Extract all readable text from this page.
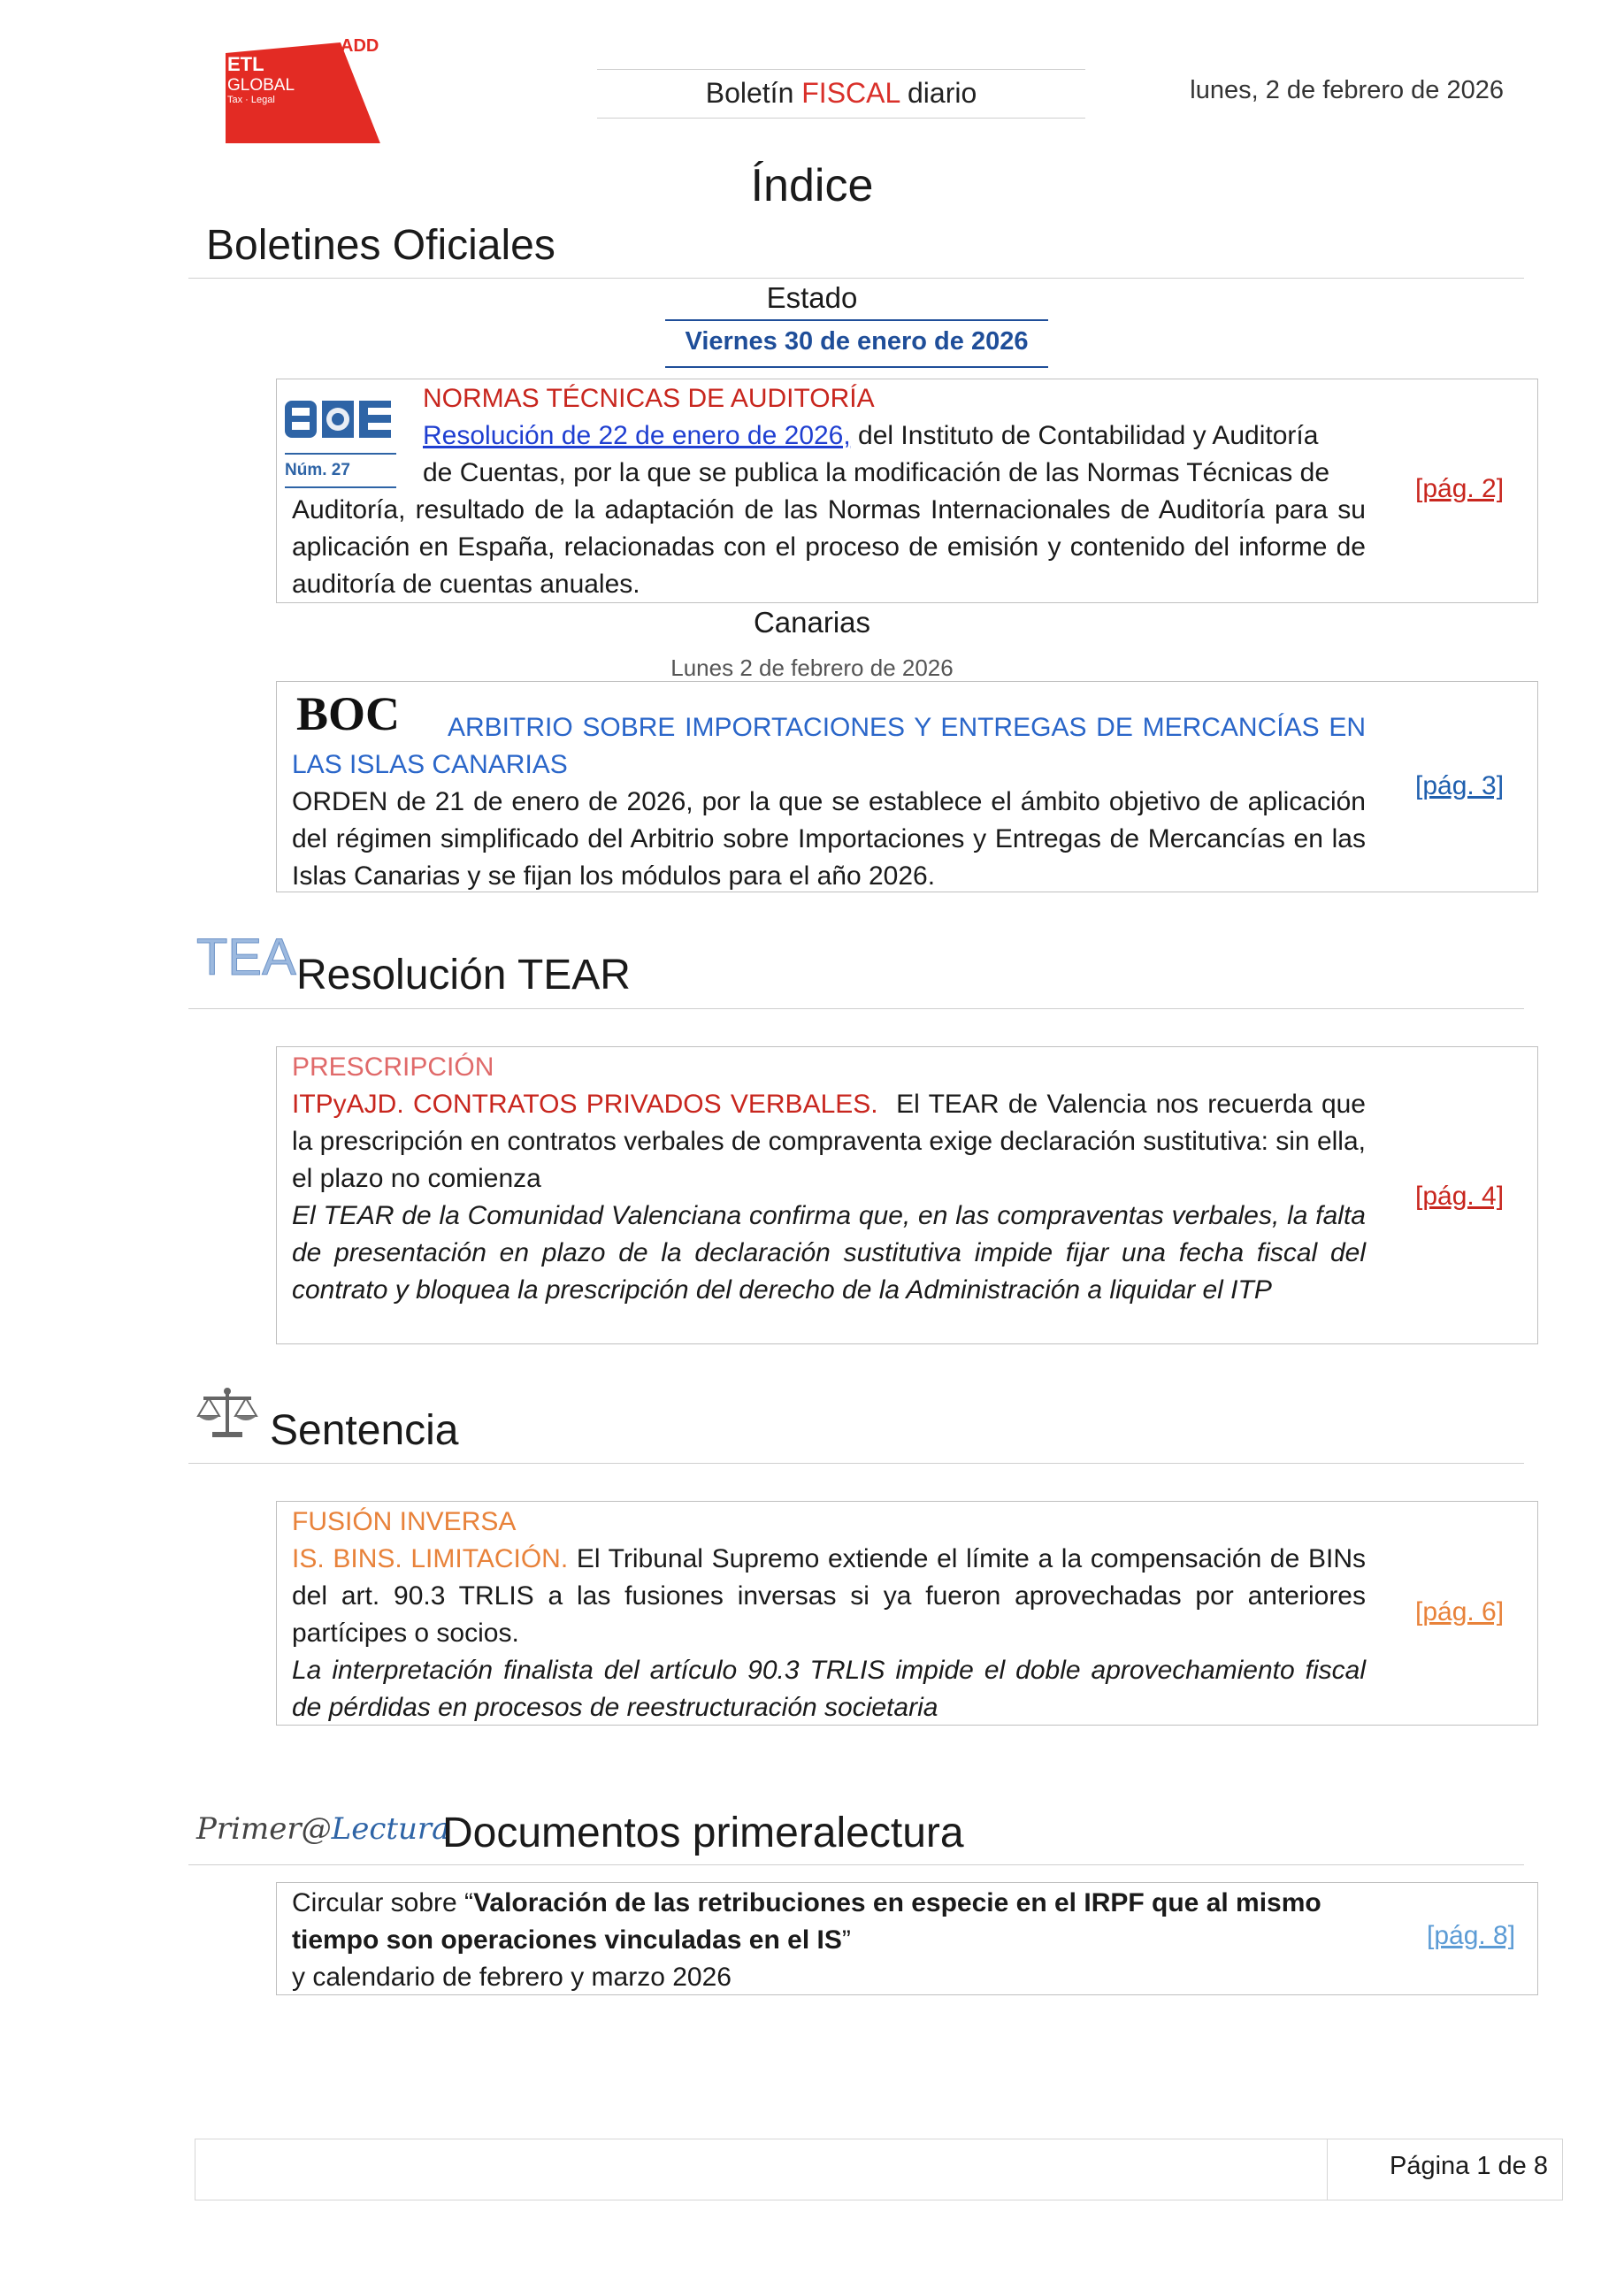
ADD
ETL
GLOBAL
Tax · Legal	Boletín FISCAL diario	lunes, 2 de febrero de 2026
Índice
Boletines Oficiales
Estado
Viernes 30 de enero de 2026
Núm. 27
NORMAS TÉCNICAS DE AUDITORÍA
Resolución de 22 de enero de 2026, del Instituto de Contabilidad y Auditoría
de Cuentas, por la que se publica la modificación de las Normas Técnicas de
Auditoría, resultado de la adaptación de las Normas Internacionales de Auditoría para su aplicación en España, relacionadas con el proceso de emisión y contenido del informe de auditoría de cuentas anuales.
[pág. 2]
Canarias
Lunes 2 de febrero de 2026
BOC	ARBITRIO SOBRE IMPORTACIONES Y ENTREGAS DE MERCANCÍAS EN LAS ISLAS CANARIAS
ORDEN de 21 de enero de 2026, por la que se establece el ámbito objetivo de aplicación del régimen simplificado del Arbitrio sobre Importaciones y Entregas de Mercancías en las Islas Canarias y se fijan los módulos para el año 2026.
[pág. 3]
TEA Resolución TEAR
PRESCRIPCIÓN
ITPyAJD. CONTRATOS PRIVADOS VERBALES. El TEAR de Valencia nos recuerda que la prescripción en contratos verbales de compraventa exige declaración sustitutiva: sin ella, el plazo no comienza
El TEAR de la Comunidad Valenciana confirma que, en las compraventas verbales, la falta de presentación en plazo de la declaración sustitutiva impide fijar una fecha fiscal del contrato y bloquea la prescripción del derecho de la Administración a liquidar el ITP
[pág. 4]
Sentencia
FUSIÓN INVERSA
IS. BINS. LIMITACIÓN. El Tribunal Supremo extiende el límite a la compensación de BINs del art. 90.3 TRLIS a las fusiones inversas si ya fueron aprovechadas por anteriores partícipes o socios.
La interpretación finalista del artículo 90.3 TRLIS impide el doble aprovechamiento fiscal de pérdidas en procesos de reestructuración societaria
[pág. 6]
Primer@Lectura
Documentos primeralectura
Circular sobre “Valoración de las retribuciones en especie en el IRPF que al mismo tiempo son operaciones vinculadas en el IS”
y calendario de febrero y marzo 2026
[pág. 8]
Página 1 de 8
